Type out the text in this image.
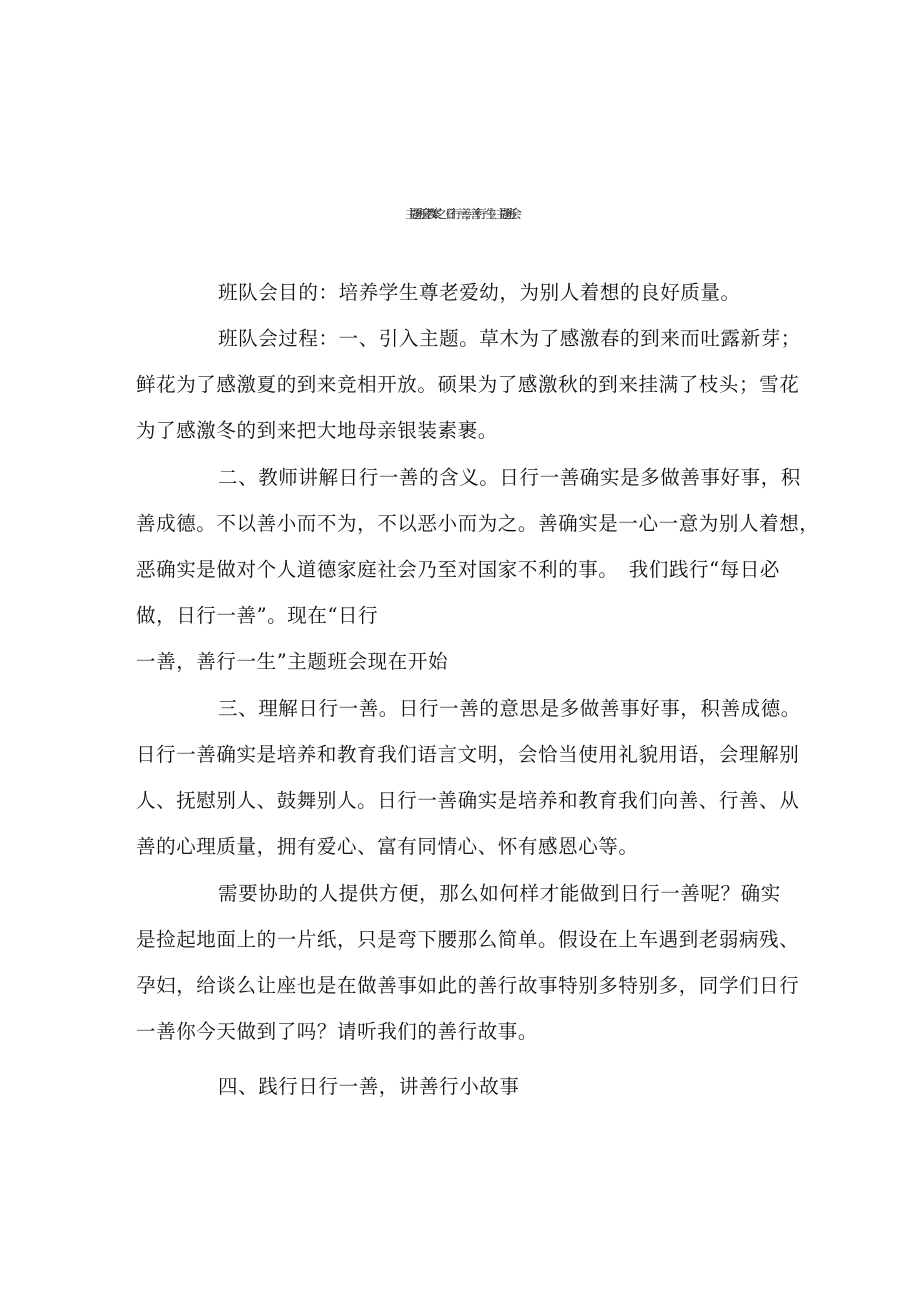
主题班会教案之《日行一善，善行一生》主题班会
班队会目的：培养学生尊老爱幼，为别人着想的良好质量。
班队会过程：一、引入主题。草木为了感激春的到来而吐露新芽；
鲜花为了感激夏的到来竞相开放。硕果为了感激秋的到来挂满了枝头；雪花
为了感激冬的到来把大地母亲银装素裹。
二、教师讲解日行一善的含义。日行一善确实是多做善事好事，积
善成德。不以善小而不为，不以恶小而为之。善确实是一心一意为别人着想，
恶确实是做对个人道德家庭社会乃至对国家不利的事。　我们践行“每日必
做，日行一善”。现在“日行
一善，善行一生”主题班会现在开始
三、理解日行一善。日行一善的意思是多做善事好事，积善成德。
日行一善确实是培养和教育我们语言文明，会恰当使用礼貌用语，会理解别
人、抚慰别人、鼓舞别人。日行一善确实是培养和教育我们向善、行善、从
善的心理质量，拥有爱心、富有同情心、怀有感恩心等。
需要协助的人提供方便，那么如何样才能做到日行一善呢？确实
是捡起地面上的一片纸，只是弯下腰那么简单。假设在上车遇到老弱病残、
孕妇，给谈么让座也是在做善事如此的善行故事特别多特别多，同学们日行
一善你今天做到了吗？请听我们的善行故事。
四、践行日行一善，讲善行小故事
